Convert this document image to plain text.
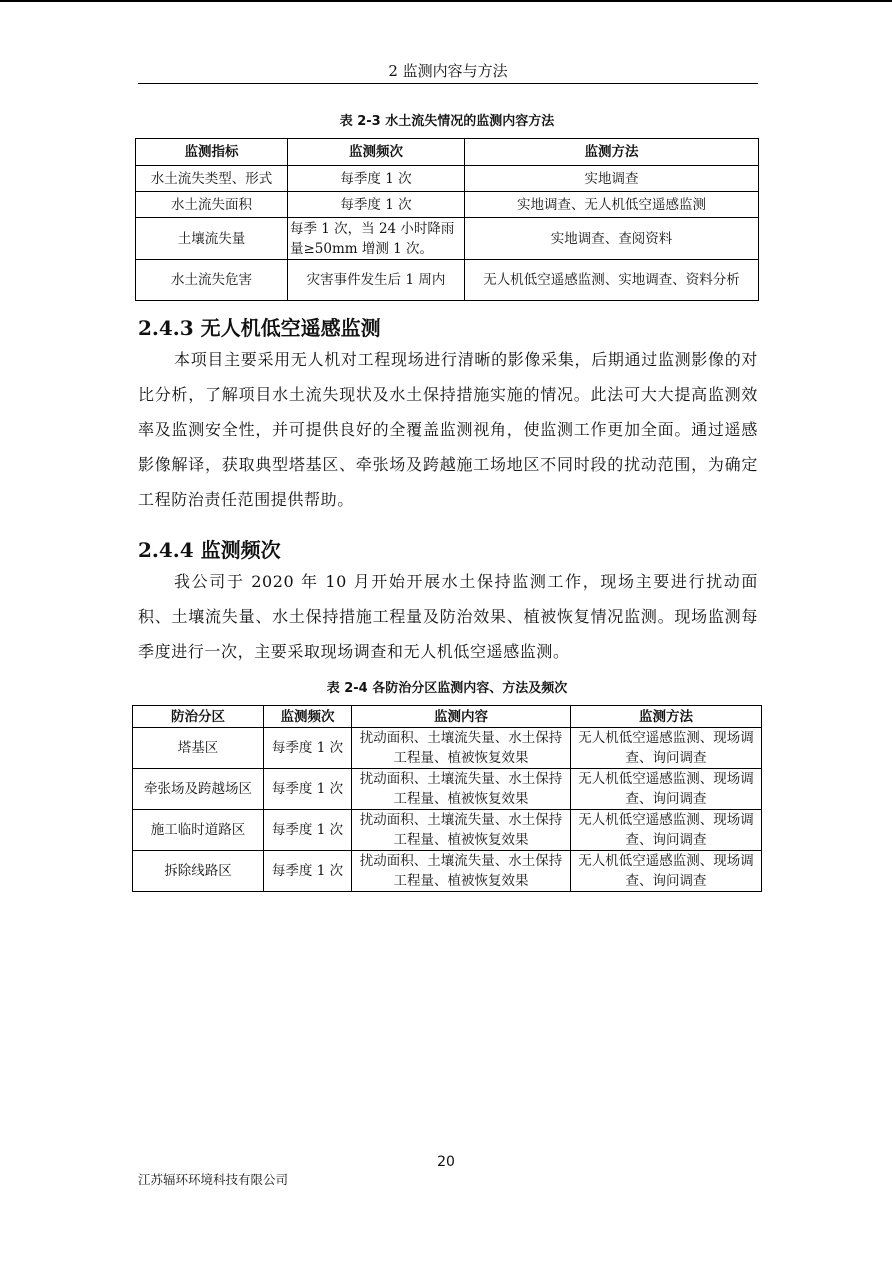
2 监测内容与方法
表 2-3 水土流失情况的监测内容方法
监测指标	监测频次	监测方法
水土流失类型、形式	每季度 1 次	实地调查
水土流失面积	每季度 1 次	实地调查、无人机低空遥感监测
土壤流失量	每季 1 次，当 24 小时降雨量≥50mm 增测 1 次。	实地调查、查阅资料
水土流失危害	灾害事件发生后 1 周内	无人机低空遥感监测、实地调查、资料分析
2.4.3 无人机低空遥感监测
本项目主要采用无人机对工程现场进行清晰的影像采集，后期通过监测影像的对比分析，了解项目水土流失现状及水土保持措施实施的情况。此法可大大提高监测效率及监测安全性，并可提供良好的全覆盖监测视角，使监测工作更加全面。通过遥感影像解译，获取典型塔基区、牵张场及跨越施工场地区不同时段的扰动范围，为确定工程防治责任范围提供帮助。
2.4.4 监测频次
我公司于 2020 年 10 月开始开展水土保持监测工作，现场主要进行扰动面积、土壤流失量、水土保持措施工程量及防治效果、植被恢复情况监测。现场监测每季度进行一次，主要采取现场调查和无人机低空遥感监测。
表 2-4 各防治分区监测内容、方法及频次
防治分区	监测频次	监测内容	监测方法
塔基区	每季度 1 次	扰动面积、土壤流失量、水土保持工程量、植被恢复效果	无人机低空遥感监测、现场调查、询问调查
牵张场及跨越场区	每季度 1 次	扰动面积、土壤流失量、水土保持工程量、植被恢复效果	无人机低空遥感监测、现场调查、询问调查
施工临时道路区	每季度 1 次	扰动面积、土壤流失量、水土保持工程量、植被恢复效果	无人机低空遥感监测、现场调查、询问调查
拆除线路区	每季度 1 次	扰动面积、土壤流失量、水土保持工程量、植被恢复效果	无人机低空遥感监测、现场调查、询问调查
20
江苏辐环环境科技有限公司
